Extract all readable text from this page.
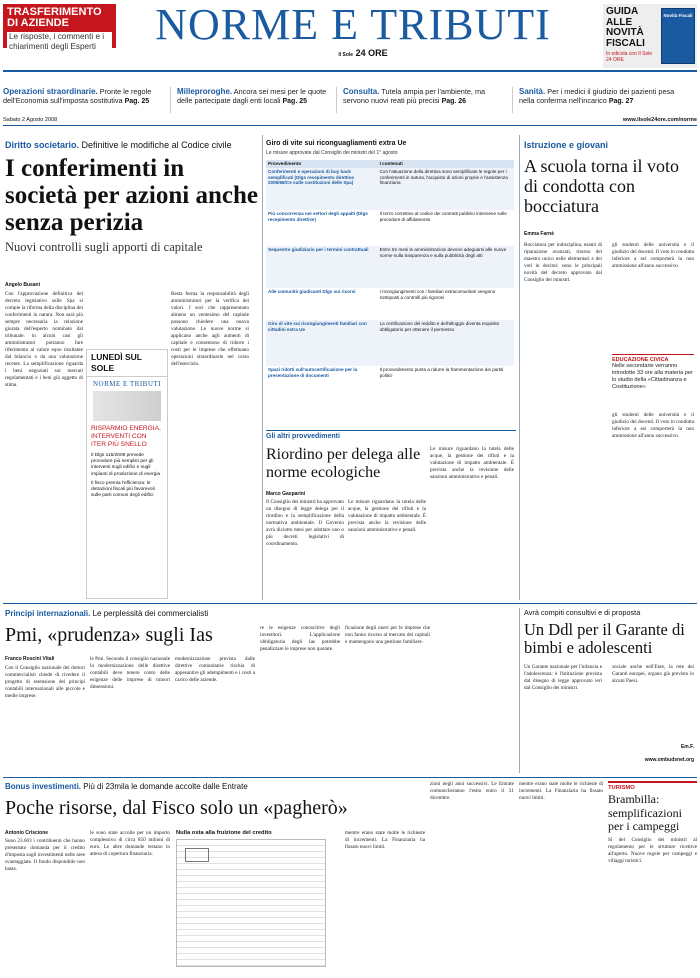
TRASFERIMENTO DI AZIENDE
Le risposte, i commenti e i chiarimenti degli Esperti	NORME E TRIBUTI
Il Sole 24 ORE
GUIDA ALLE NOVITÀ FISCALI
In edicola con Il Sole 24 ORE
Novità Fiscali
Operazioni straordinarie. Pronte le regole dell'Economia sull'imposta sostitutiva Pag. 25
Milleproroghe. Ancora sei mesi per le quote delle partecipate dagli enti locali Pag. 25
Consulta. Tutela ampia per l'ambiente, ma servono nuovi reati più precisi Pag. 26
Sanità. Per i medici il giudizio dei pazienti pesa nella conferma nell'incarico Pag. 27
Sabato 2 Agosto 2008	www.ilsole24ore.com/norme
Diritto societario. Definitive le modifiche al Codice civile
I conferimenti in società per azioni anche senza perizia
Nuovi controlli sugli apporti di capitale
Angelo Busani

Con l'approvazione definitiva del decreto legislativo sulle Spa si compie la riforma della disciplina dei conferimenti in natura. Non sarà più sempre necessaria la relazione giurata dell'esperto nominato dal tribunale: in alcuni casi gli amministratori potranno fare riferimento al valore equo risultante dal bilancio o da una valutazione recente. La semplificazione riguarda i beni negoziati sui mercati regolamentati e i beni già oggetto di stima.

LUNEDÌ SUL SOLE
NORME E TRIBUTI
RISPARMIO ENERGIA, INTERVENTI CON ITER PIÙ SNELLO
Il Dlgs 115/2008 prevede procedure più semplici per gli interventi sugli edifici e sugli impianti di produzione di energia
Il fisco premia l'efficienza: le detrazioni fiscali più favorevoli sulle parti comuni degli edifici

Resta ferma la responsabilità degli amministratori per la verifica dei valori. I soci che rappresentano almeno un ventesimo del capitale possono chiedere una nuova valutazione. Le nuove norme si applicano anche agli aumenti di capitale e consentono di ridurre i costi per le imprese che effettuano operazioni straordinarie nel corso dell'esercizio.

Giro di vite sui riconguagliamenti extra Ue
Le misure approvate dal Consiglio dei ministri del 1° agosto
Provvedimento	I contenuti
Conferimenti e operazioni di buy back semplificati (Dlgs recepimento direttiva 2006/68/Ce sulle costituzioni delle Spa)	Con l'attuazione della direttiva sono semplificate le regole per i conferimenti in natura, l'acquisto di azioni proprie e l'assistenza finanziaria
Più concorrenza nei settori degli appalti (Dlgs recepimento direttive)	Il terzo correttivo al codice dei contratti pubblici interviene sulle procedure di affidamento
Sequestro giudiziario per i termini contrattuali	Entro tre mesi le amministrazioni devono adeguarsi alle nuove norme sulla trasparenza e sulla pubblicità degli atti
Alle comunità giudicanti Dlgs sui ricorsi	I ricongiungimenti con i familiari extracomunitari vengono sottoposti a controlli più rigorosi
Giro di vite sui ricongiungimenti familiari con cittadini extra Ue	La certificazione del reddito e dell'alloggio diventa requisito obbligatorio per ottenere il permesso
Spazi ridotti sull'autocertificazione per la presentazione di documenti	Il provvedimento punta a ridurre la frammentazione dei partiti politici
Gli altri provvedimenti
Riordino per delega alle norme ecologiche
Marco Gasparini

Il Consiglio dei ministri ha approvato un disegno di legge delega per il riordino e la semplificazione della normativa ambientale. Il Governo avrà diciotto mesi per adottare uno o più decreti legislativi di coordinamento.

Le misure riguardano la tutela delle acque, la gestione dei rifiuti e la valutazione di impatto ambientale. È prevista anche la revisione delle sanzioni amministrative e penali.

Le misure riguardano la tutela delle acque, la gestione dei rifiuti e la valutazione di impatto ambientale. È prevista anche la revisione delle sanzioni amministrative e penali.

Istruzione e giovani
A scuola torna il voto di condotta con bocciatura
Emma Farnè

Bocciatura per indisciplina, esami di riparazione avanzati, ritorno del maestro unico nelle elementari e dei voti in decimi: sono le principali novità del decreto approvato dal Consiglio dei ministri.

gli studenti delle università e il giudizio dei docenti. Il voto in condotta inferiore a sei comporterà la non ammissione all'anno successivo.

EDUCAZIONE CIVICA
Nelle secondarie verranno introdotte 33 ore alla materia per lo studio della «Cittadinanza e Costituzione»

gli studenti delle università e il giudizio dei docenti. Il voto in condotta inferiore a sei comporterà la non ammissione all'anno successivo.

Principi internazionali. Le perplessità dei commercialisti
Pmi, «prudenza» sugli Ias
Franco Roscini Vitali

Con il Consiglio nazionale dei dottori commercialisti chiede di rivedere il progetto di estensione dei principi contabili internazionali alle piccole e medie imprese.

le Pmi. Secondo il consiglio nazionale la modernizzazione delle direttive contabili deve tenere conto delle esigenze delle imprese di minori dimensioni.

modernizzazione prevista dalle direttive comunitarie rischia di appesantire gli adempimenti e i costi a carico delle aziende.

re le esigenze conoscitive degli investitori. L'applicazione obbligatoria degli Ias potrebbe penalizzare le imprese non quotate.

ficazione degli oneri per le imprese che non fanno ricorso al mercato dei capitali e mantengono una gestione familiare.

Avrà compiti consultivi e di proposta
Un Ddl per il Garante di bimbi e adolescenti

Un Garante nazionale per l'infanzia e l'adolescenza: è l'istituzione prevista dal disegno di legge approvato ieri dal Consiglio dei ministri.

sociale anche nell'Ente, la rete dei Garanti europei, organo già previsto in alcuni Paesi.

Em.F.
www.ombudsnet.org
Bonus investimenti. Più di 23mila le domande accolte dalle Entrate
Poche risorse, dal Fisco solo un «pagherò»
Antonio Criscione

Sono 23.603 i contribuenti che hanno presentato domanda per il credito d'imposta sugli investimenti nelle aree svantaggiate. Il fondo disponibile non basta.

le sono state accolte per un importo complessivo di circa 850 milioni di euro. Le altre domande restano in attesa di copertura finanziaria.

Nulla osta alla fruizione del credito	mentre erano state molte le richieste di incrementi. La Finanziaria ha fissato nuovi limiti.

zioni negli anni successivi. Le Entrate comunicheranno l'esito entro il 31 dicembre.

mentre erano state molte le richieste di incrementi. La Finanziaria ha fissato nuovi limiti.

TURISMO
Brambilla: semplificazioni per i campeggi
Sì del Consiglio dei ministri al regolamento per le strutture ricettive all'aperto. Nuove regole per campeggi e villaggi turistici.
